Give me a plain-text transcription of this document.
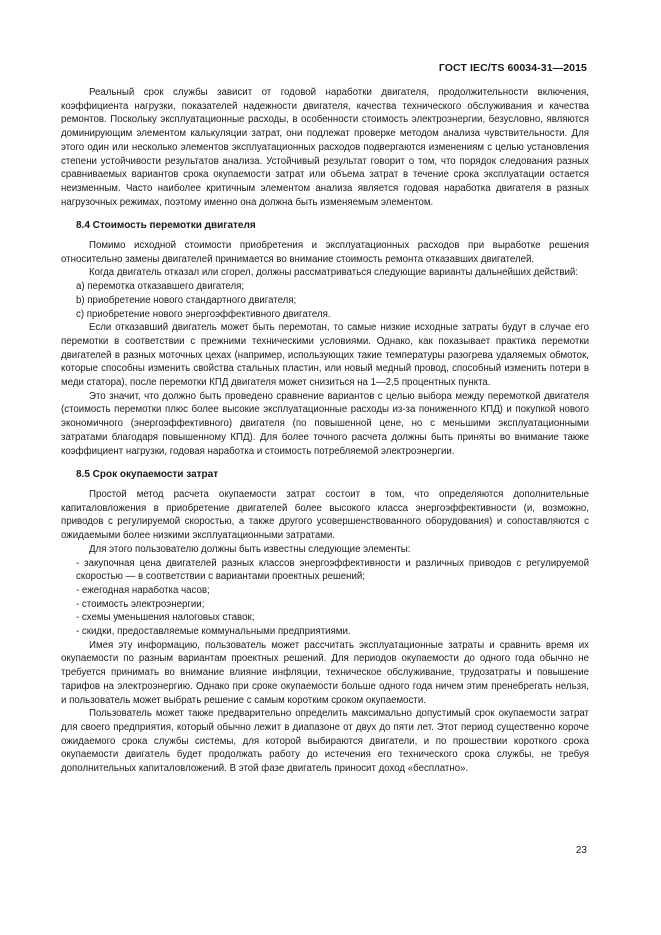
ГОСТ IEC/TS 60034-31—2015

Реальный срок службы зависит от годовой наработки двигателя, продолжительности включения, коэффициента нагрузки, показателей надежности двигателя, качества технического обслуживания и качества ремонтов. Поскольку эксплуатационные расходы, в особенности стоимость электроэнергии, безусловно, являются доминирующим элементом калькуляции затрат, они подлежат проверке методом анализа чувствительности. Для этого один или несколько элементов эксплуатационных расходов подвергаются изменениям с целью установления степени устойчивости результатов анализа. Устойчивый результат говорит о том, что порядок следования разных сравниваемых вариантов срока окупаемости затрат или объема затрат в течение срока эксплуатации остается неизменным. Часто наиболее критичным элементом анализа является годовая наработка двигателя в разных нагрузочных режимах, поэтому именно она должна быть изменяемым элементом.

8.4 Стоимость перемотки двигателя

Помимо исходной стоимости приобретения и эксплуатационных расходов при выработке решения относительно замены двигателей принимается во внимание стоимость ремонта отказавших двигателей.

Когда двигатель отказал или сгорел, должны рассматриваться следующие варианты дальнейших действий:

a) перемотка отказавшего двигателя;

b) приобретение нового стандартного двигателя;

c) приобретение нового энергоэффективного двигателя.

Если отказавший двигатель может быть перемотан, то самые низкие исходные затраты будут в случае его перемотки в соответствии с прежними техническими условиями. Однако, как показывает практика перемотки двигателей в разных моточных цехах (например, использующих такие температуры разогрева удаляемых обмоток, которые способны изменить свойства стальных пластин, или новый медный провод, способный изменить потери в меди статора), после перемотки КПД двигателя может снизиться на 1—2,5 процентных пункта.

Это значит, что должно быть проведено сравнение вариантов с целью выбора между перемоткой двигателя (стоимость перемотки плюс более высокие эксплуатационные расходы из-за пониженного КПД) и покупкой нового экономичного (энергоэффективного) двигателя (по повышенной цене, но с меньшими эксплуатационными затратами благодаря повышенному КПД). Для более точного расчета должны быть приняты во внимание также коэффициент нагрузки, годовая наработка и стоимость потребляемой электроэнергии.

8.5 Срок окупаемости затрат

Простой метод расчета окупаемости затрат состоит в том, что определяются дополнительные капиталовложения в приобретение двигателей более высокого класса энергоэффективности (и, возможно, приводов с регулируемой скоростью, а также другого усовершенствованного оборудования) и сопоставляются с ожидаемыми более низкими эксплуатационными затратами.

Для этого пользователю должны быть известны следующие элементы:

- закупочная цена двигателей разных классов энергоэффективности и различных приводов с регулируемой скоростью — в соответствии с вариантами проектных решений;

- ежегодная наработка часов;

- стоимость электроэнергии;

- схемы уменьшения налоговых ставок;

- скидки, предоставляемые коммунальными предприятиями.

Имея эту информацию, пользователь может рассчитать эксплуатационные затраты и сравнить время их окупаемости по разным вариантам проектных решений. Для периодов окупаемости до одного года обычно не требуется принимать во внимание влияние инфляции, техническое обслуживание, трудозатраты и повышение тарифов на электроэнергию. Однако при сроке окупаемости больше одного года ничем этим пренебрегать нельзя, и пользователь может выбрать решение с самым коротким сроком окупаемости.

Пользователь может также предварительно определить максимально допустимый срок окупаемости затрат для своего предприятия, который обычно лежит в диапазоне от двух до пяти лет. Этот период существенно короче ожидаемого срока службы системы, для которой выбираются двигатели, и по прошествии короткого срока окупаемости двигатель будет продолжать работу до истечения его технического срока службы, не требуя дополнительных капиталовложений. В этой фазе двигатель приносит доход «бесплатно».

23
